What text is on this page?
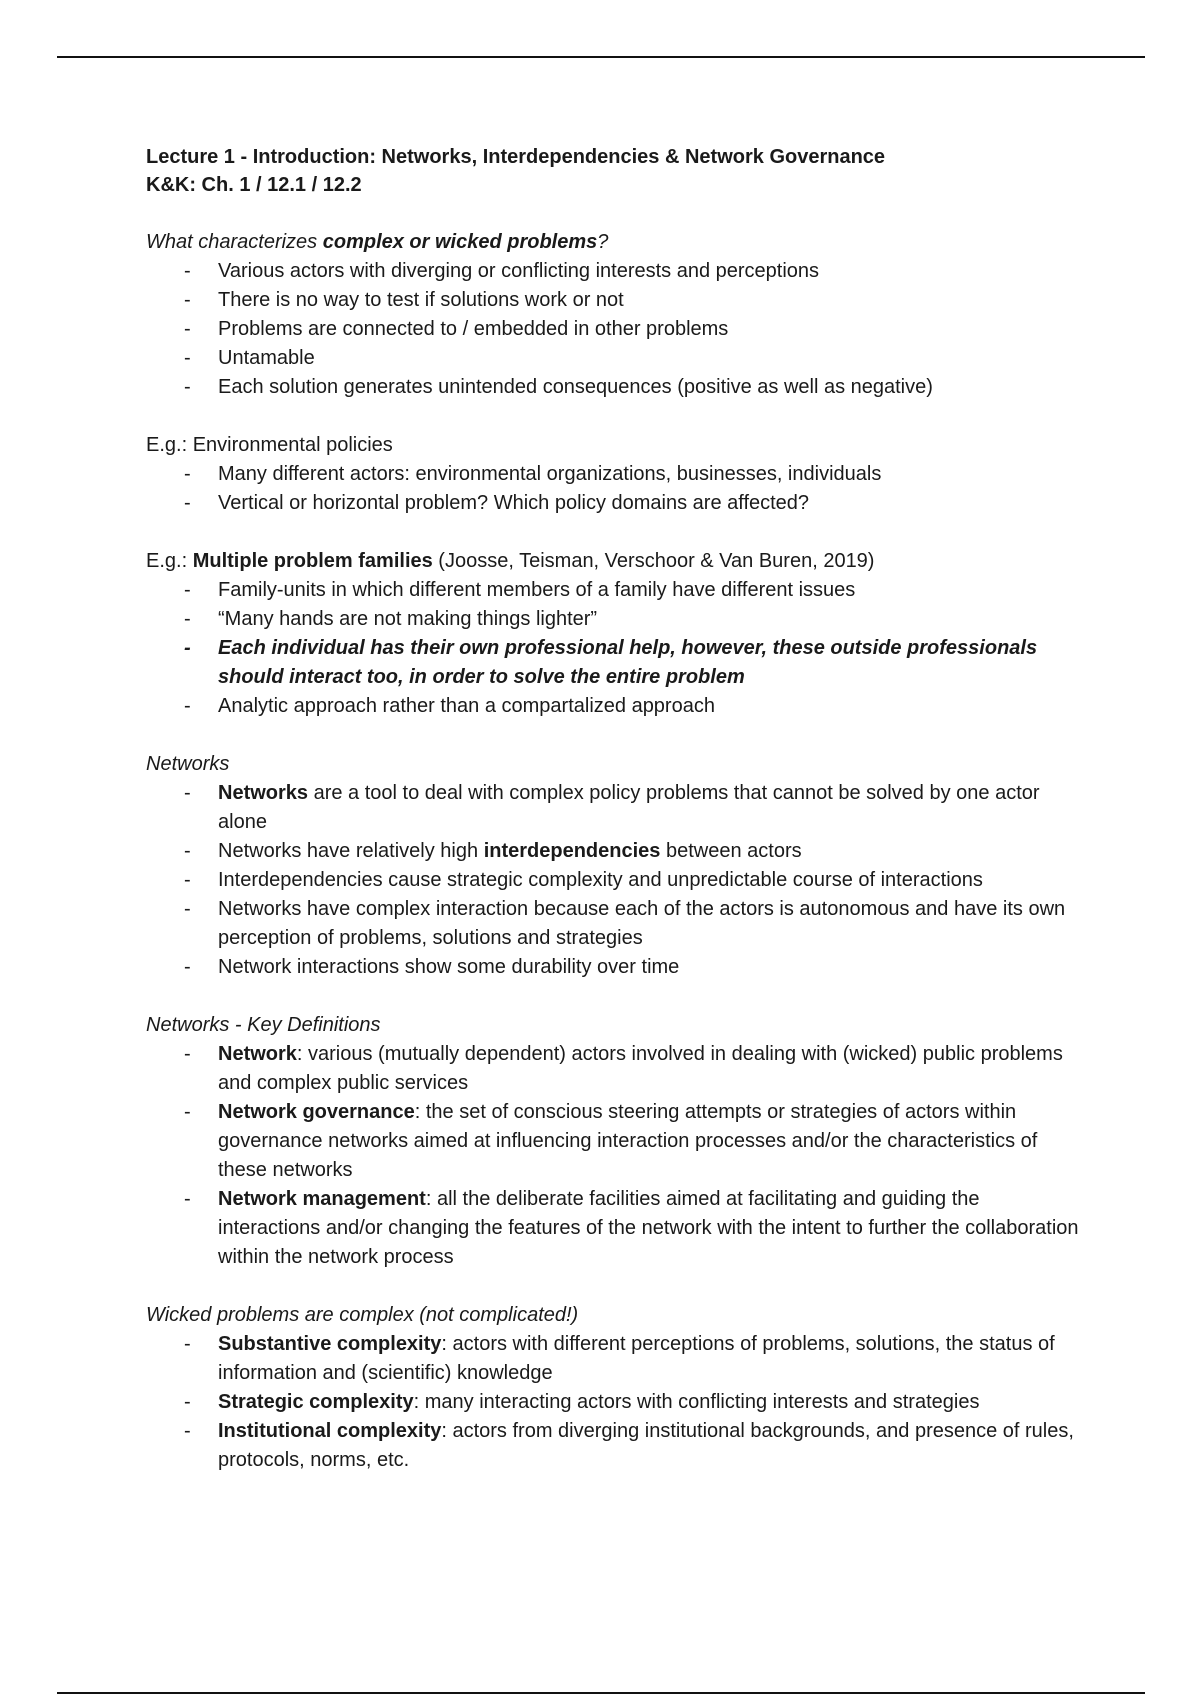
Lecture 1 - Introduction: Networks, Interdependencies & Network Governance
K&K: Ch. 1 / 12.1 / 12.2
What characterizes complex or wicked problems?
- Various actors with diverging or conflicting interests and perceptions
- There is no way to test if solutions work or not
- Problems are connected to / embedded in other problems
- Untamable
- Each solution generates unintended consequences (positive as well as negative)
E.g.: Environmental policies
- Many different actors: environmental organizations, businesses, individuals
- Vertical or horizontal problem? Which policy domains are affected?
E.g.: Multiple problem families (Joosse, Teisman, Verschoor & Van Buren, 2019)
- Family-units in which different members of a family have different issues
- “Many hands are not making things lighter”
- Each individual has their own professional help, however, these outside professionals should interact too, in order to solve the entire problem
- Analytic approach rather than a compartalized approach
Networks
- Networks are a tool to deal with complex policy problems that cannot be solved by one actor alone
- Networks have relatively high interdependencies between actors
- Interdependencies cause strategic complexity and unpredictable course of interactions
- Networks have complex interaction because each of the actors is autonomous and have its own perception of problems, solutions and strategies
- Network interactions show some durability over time
Networks - Key Definitions
- Network: various (mutually dependent) actors involved in dealing with (wicked) public problems and complex public services
- Network governance: the set of conscious steering attempts or strategies of actors within governance networks aimed at influencing interaction processes and/or the characteristics of these networks
- Network management: all the deliberate facilities aimed at facilitating and guiding the interactions and/or changing the features of the network with the intent to further the collaboration within the network process
Wicked problems are complex (not complicated!)
- Substantive complexity: actors with different perceptions of problems, solutions, the status of information and (scientific) knowledge
- Strategic complexity: many interacting actors with conflicting interests and strategies
- Institutional complexity: actors from diverging institutional backgrounds, and presence of rules, protocols, norms, etc.
